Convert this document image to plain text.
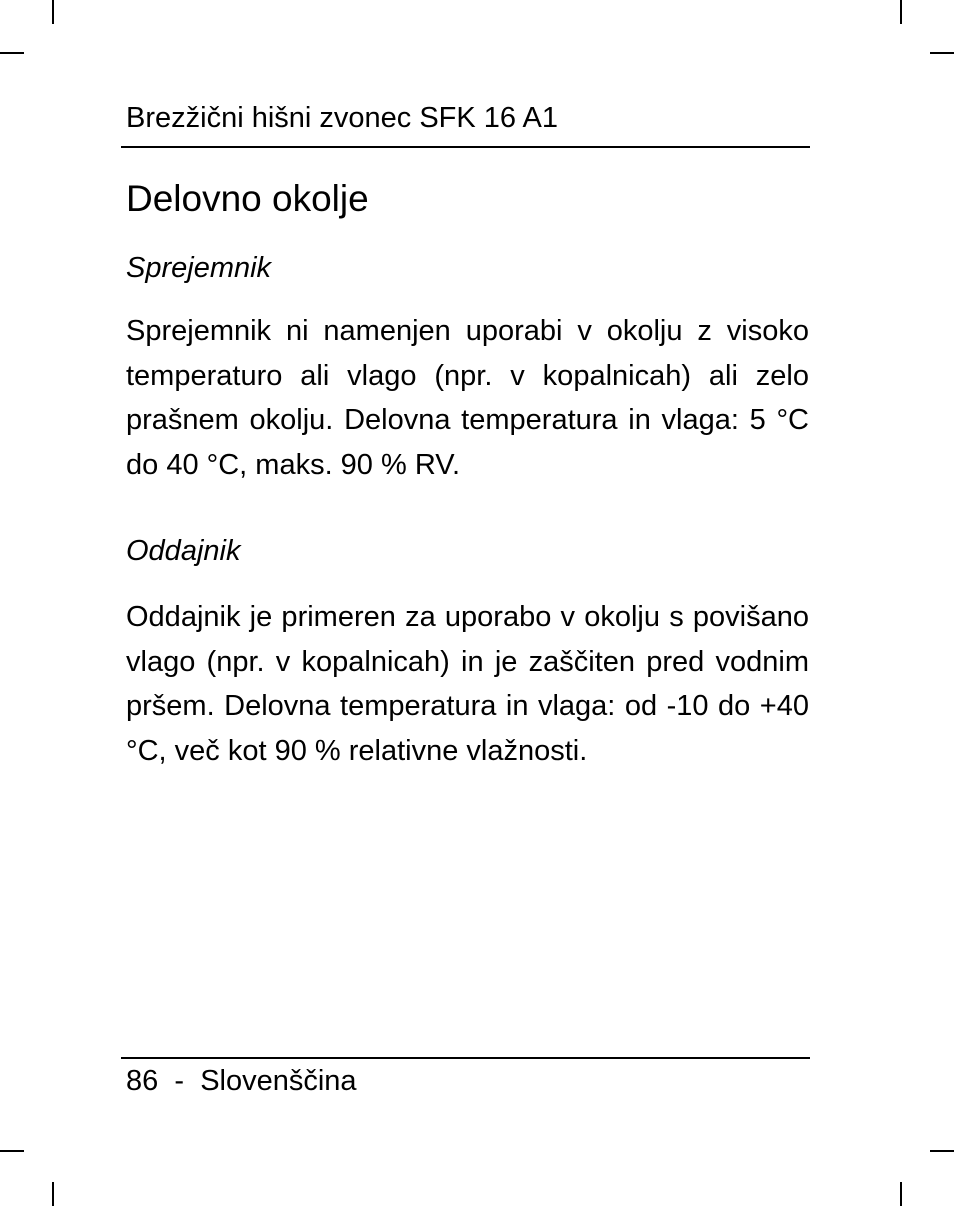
Brezžični hišni zvonec SFK 16 A1
Delovno okolje
Sprejemnik

Sprejemnik ni namenjen uporabi v okolju z visoko temperaturo ali vlago (npr. v kopalnicah) ali zelo prašnem okolju. Delovna temperatura in vlaga: 5 °C do 40 °C, maks. 90 % RV.

Oddajnik

Oddajnik je primeren za uporabo v okolju s povišano vlago (npr. v kopalnicah) in je zaščiten pred vodnim pršem. Delovna temperatura in vlaga: od -10 do +40 °C, več kot 90 % relativne vlažnosti.

86 - Slovenščina
